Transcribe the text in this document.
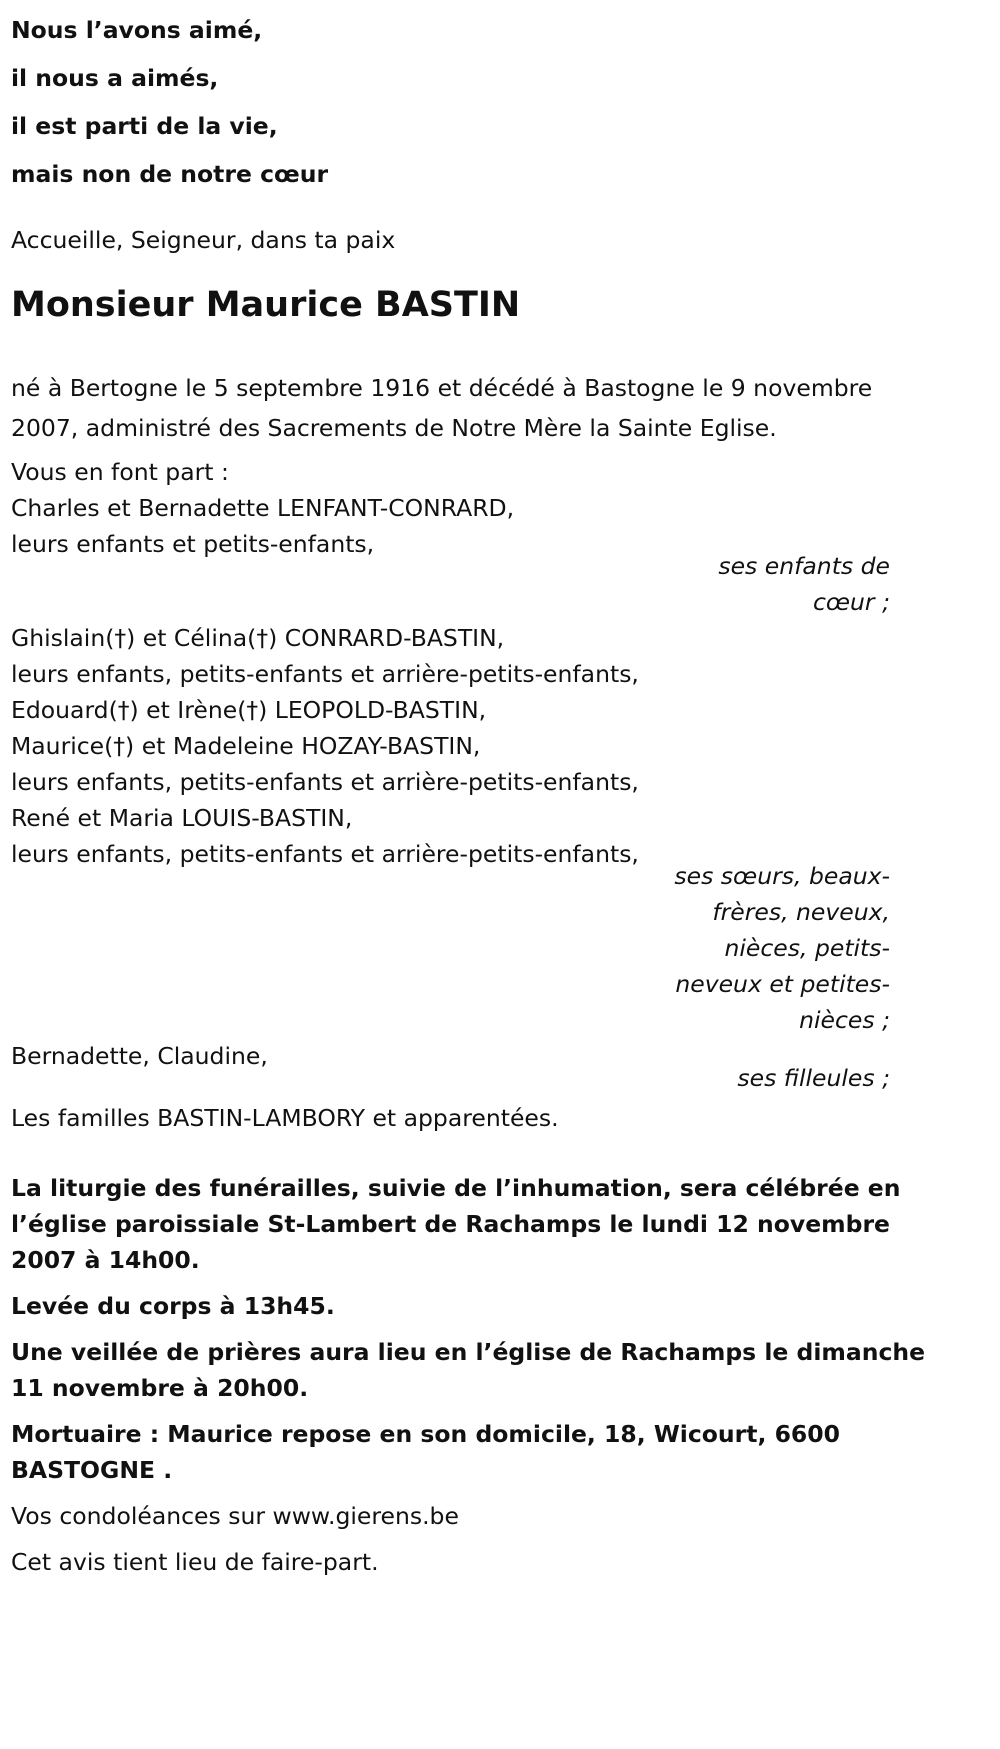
Nous l’avons aimé,
il nous a aimés,
il est parti de la vie,
mais non de notre cœur
Accueille, Seigneur, dans ta paix
Monsieur Maurice BASTIN
né à Bertogne le 5 septembre 1916 et décédé à Bastogne le 9 novembre
2007, administré des Sacrements de Notre Mère la Sainte Eglise.
Vous en font part :
Charles et Bernadette LENFANT-CONRARD,
leurs enfants et petits-enfants,
ses enfants de
cœur ;
Ghislain(†) et Célina(†) CONRARD-BASTIN,
leurs enfants, petits-enfants et arrière-petits-enfants,
Edouard(†) et Irène(†) LEOPOLD-BASTIN,
Maurice(†) et Madeleine HOZAY-BASTIN,
leurs enfants, petits-enfants et arrière-petits-enfants,
René et Maria LOUIS-BASTIN,
leurs enfants, petits-enfants et arrière-petits-enfants,
ses sœurs, beaux-
frères, neveux,
nièces, petits-
neveux et petites-
nièces ;
Bernadette, Claudine,
ses filleules ;
Les familles BASTIN-LAMBORY et apparentées.
La liturgie des funérailles, suivie de l’inhumation, sera célébrée en
l’église paroissiale St-Lambert de Rachamps le lundi 12 novembre
2007 à 14h00.
Levée du corps à 13h45.
Une veillée de prières aura lieu en l’église de Rachamps le dimanche
11 novembre à 20h00.
Mortuaire : Maurice repose en son domicile, 18, Wicourt, 6600
BASTOGNE .
Vos condoléances sur www.gierens.be
Cet avis tient lieu de faire-part.
